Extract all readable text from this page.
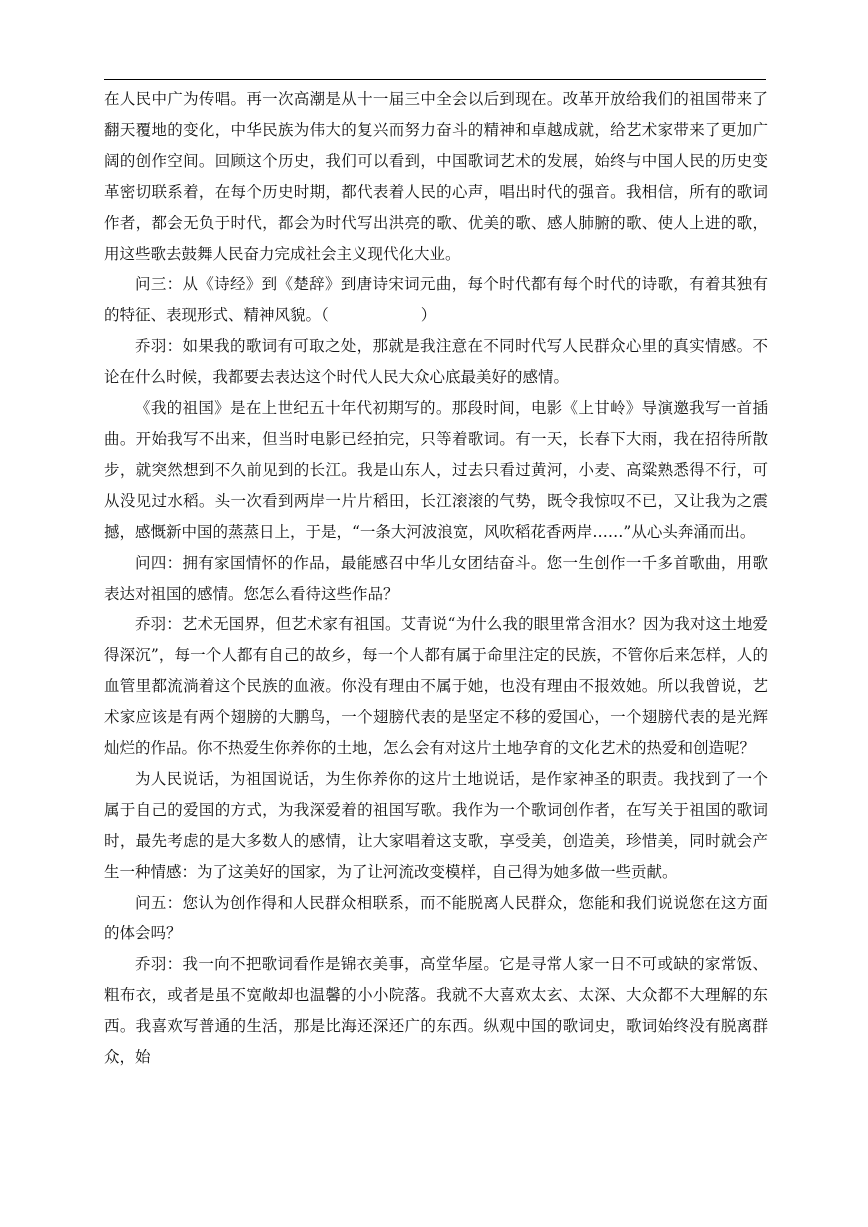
在人民中广为传唱。再一次高潮是从十一届三中全会以后到现在。改革开放给我们的祖国带来了翻天覆地的变化，中华民族为伟大的复兴而努力奋斗的精神和卓越成就，给艺术家带来了更加广阔的创作空间。回顾这个历史，我们可以看到，中国歌词艺术的发展，始终与中国人民的历史变革密切联系着，在每个历史时期，都代表着人民的心声，唱出时代的强音。我相信，所有的歌词作者，都会无负于时代，都会为时代写出洪亮的歌、优美的歌、感人肺腑的歌、使人上进的歌，用这些歌去鼓舞人民奋力完成社会主义现代化大业。

问三：从《诗经》到《楚辞》到唐诗宋词元曲，每个时代都有每个时代的诗歌，有着其独有的特征、表现形式、精神风貌。（	）

乔羽：如果我的歌词有可取之处，那就是我注意在不同时代写人民群众心里的真实情感。不论在什么时候，我都要去表达这个时代人民大众心底最美好的感情。

《我的祖国》是在上世纪五十年代初期写的。那段时间，电影《上甘岭》导演邀我写一首插曲。开始我写不出来，但当时电影已经拍完，只等着歌词。有一天，长春下大雨，我在招待所散步，就突然想到不久前见到的长江。我是山东人，过去只看过黄河，小麦、高粱熟悉得不行，可从没见过水稻。头一次看到两岸一片片稻田，长江滚滚的气势，既令我惊叹不已，又让我为之震撼，感慨新中国的蒸蒸日上，于是，“一条大河波浪宽，风吹稻花香两岸……”从心头奔涌而出。

问四：拥有家国情怀的作品，最能感召中华儿女团结奋斗。您一生创作一千多首歌曲，用歌表达对祖国的感情。您怎么看待这些作品？

乔羽：艺术无国界，但艺术家有祖国。艾青说“为什么我的眼里常含泪水？因为我对这土地爱得深沉”，每一个人都有自己的故乡，每一个人都有属于命里注定的民族，不管你后来怎样，人的血管里都流淌着这个民族的血液。你没有理由不属于她，也没有理由不报效她。所以我曾说，艺术家应该是有两个翅膀的大鹏鸟，一个翅膀代表的是坚定不移的爱国心，一个翅膀代表的是光辉灿烂的作品。你不热爱生你养你的土地，怎么会有对这片土地孕育的文化艺术的热爱和创造呢？

为人民说话，为祖国说话，为生你养你的这片土地说话，是作家神圣的职责。我找到了一个属于自己的爱国的方式，为我深爱着的祖国写歌。我作为一个歌词创作者，在写关于祖国的歌词时，最先考虑的是大多数人的感情，让大家唱着这支歌，享受美，创造美，珍惜美，同时就会产生一种情感：为了这美好的国家，为了让河流改变模样，自己得为她多做一些贡献。

问五：您认为创作得和人民群众相联系，而不能脱离人民群众，您能和我们说说您在这方面的体会吗？

乔羽：我一向不把歌词看作是锦衣美事，高堂华屋。它是寻常人家一日不可或缺的家常饭、粗布衣，或者是虽不宽敞却也温馨的小小院落。我就不大喜欢太玄、太深、大众都不大理解的东西。我喜欢写普通的生活，那是比海还深还广的东西。纵观中国的歌词史，歌词始终没有脱离群众，始
